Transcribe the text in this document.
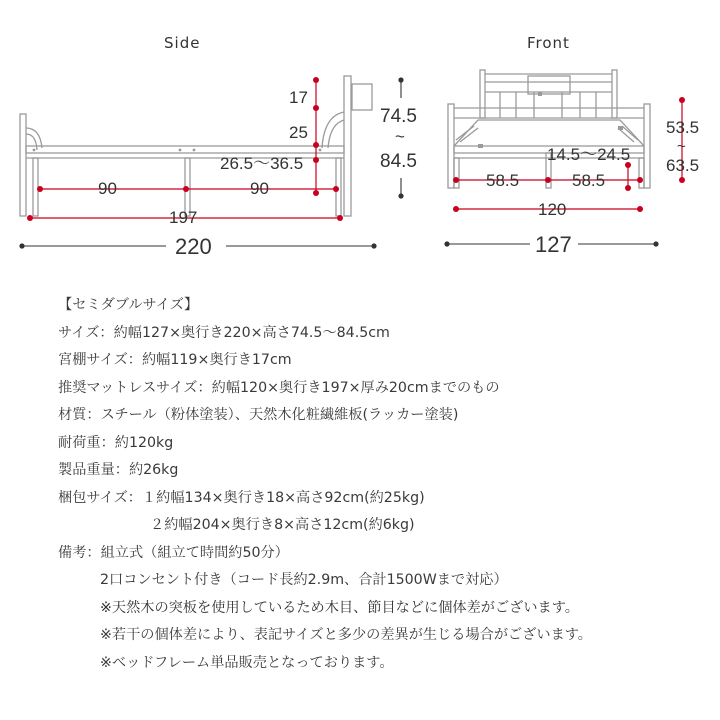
Side	Front
17
25
26.5～36.5
90	90
197
220
74.5
~
84.5	14.5～24.5
58.5	58.5
120
127
53.5
~
63.5
【セミダブルサイズ】
サイズ：約幅127×奥行き220×高さ74.5〜84.5cm
宮棚サイズ：約幅119×奥行き17cm
推奨マットレスサイズ：約幅120×奥行き197×厚み20cmまでのもの
材質：スチール（粉体塗装）、天然木化粧繊維板(ラッカー塗装)
耐荷重：約120kg
製品重量：約26kg
梱包サイズ：１約幅134×奥行き18×高さ92cm(約25kg)
２約幅204×奥行き8×高さ12cm(約6kg)
備考：組立式（組立て時間約50分）
2口コンセント付き（コード長約2.9m、合計1500Wまで対応）
※天然木の突板を使用しているため木目、節目などに個体差がございます。
※若干の個体差により、表記サイズと多少の差異が生じる場合がございます。
※ベッドフレーム単品販売となっております。
